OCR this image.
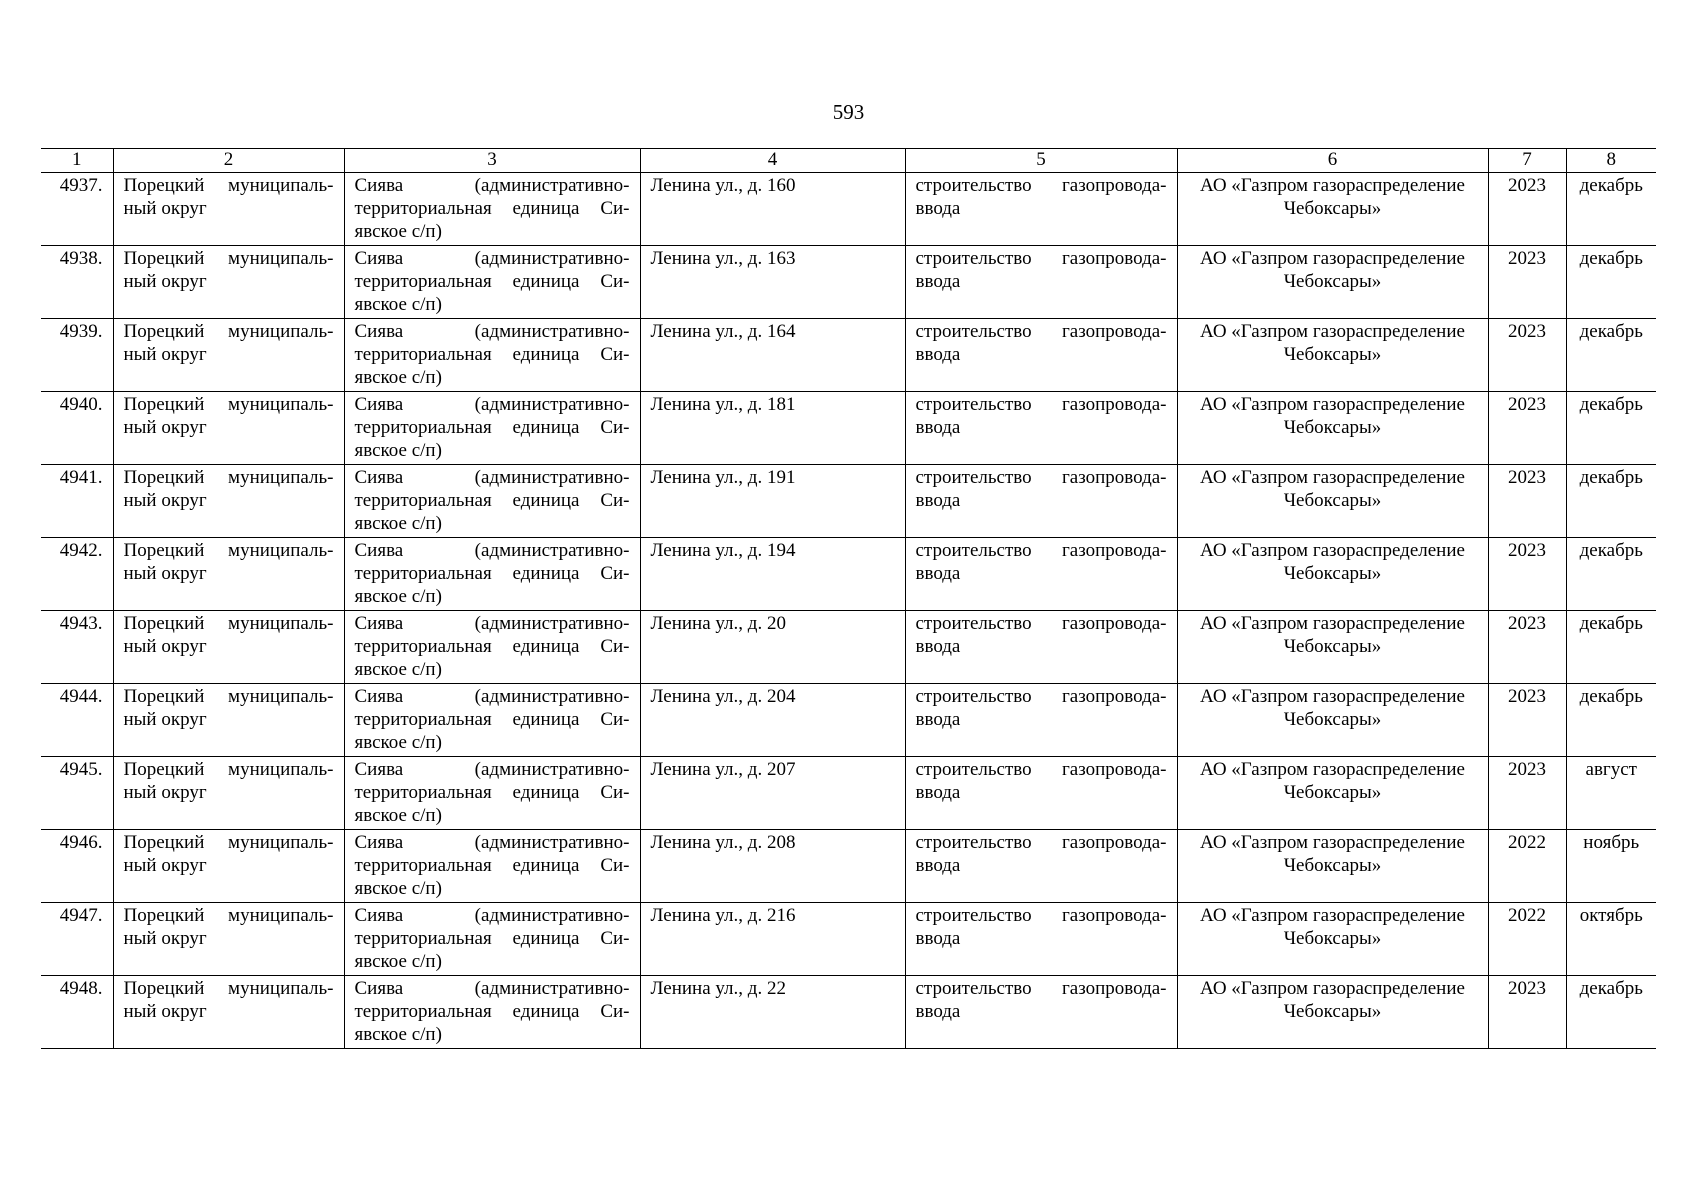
593
1	2	3	4	5	6	7	8
4937.	Порецкий муниципаль-ный округ	Сиява (административно-территориальная единица Си-явское с/п)	Ленина ул., д. 160	строительство газопровода-ввода	АО «Газпром газораспределение Чебоксары»	2023	декабрь
4938.	Порецкий муниципаль-ный округ	Сиява (административно-территориальная единица Си-явское с/п)	Ленина ул., д. 163	строительство газопровода-ввода	АО «Газпром газораспределение Чебоксары»	2023	декабрь
4939.	Порецкий муниципаль-ный округ	Сиява (административно-территориальная единица Си-явское с/п)	Ленина ул., д. 164	строительство газопровода-ввода	АО «Газпром газораспределение Чебоксары»	2023	декабрь
4940.	Порецкий муниципаль-ный округ	Сиява (административно-территориальная единица Си-явское с/п)	Ленина ул., д. 181	строительство газопровода-ввода	АО «Газпром газораспределение Чебоксары»	2023	декабрь
4941.	Порецкий муниципаль-ный округ	Сиява (административно-территориальная единица Си-явское с/п)	Ленина ул., д. 191	строительство газопровода-ввода	АО «Газпром газораспределение Чебоксары»	2023	декабрь
4942.	Порецкий муниципаль-ный округ	Сиява (административно-территориальная единица Си-явское с/п)	Ленина ул., д. 194	строительство газопровода-ввода	АО «Газпром газораспределение Чебоксары»	2023	декабрь
4943.	Порецкий муниципаль-ный округ	Сиява (административно-территориальная единица Си-явское с/п)	Ленина ул., д. 20	строительство газопровода-ввода	АО «Газпром газораспределение Чебоксары»	2023	декабрь
4944.	Порецкий муниципаль-ный округ	Сиява (административно-территориальная единица Си-явское с/п)	Ленина ул., д. 204	строительство газопровода-ввода	АО «Газпром газораспределение Чебоксары»	2023	декабрь
4945.	Порецкий муниципаль-ный округ	Сиява (административно-территориальная единица Си-явское с/п)	Ленина ул., д. 207	строительство газопровода-ввода	АО «Газпром газораспределение Чебоксары»	2023	август
4946.	Порецкий муниципаль-ный округ	Сиява (административно-территориальная единица Си-явское с/п)	Ленина ул., д. 208	строительство газопровода-ввода	АО «Газпром газораспределение Чебоксары»	2022	ноябрь
4947.	Порецкий муниципаль-ный округ	Сиява (административно-территориальная единица Си-явское с/п)	Ленина ул., д. 216	строительство газопровода-ввода	АО «Газпром газораспределение Чебоксары»	2022	октябрь
4948.	Порецкий муниципаль-ный округ	Сиява (административно-территориальная единица Си-явское с/п)	Ленина ул., д. 22	строительство газопровода-ввода	АО «Газпром газораспределение Чебоксары»	2023	декабрь
